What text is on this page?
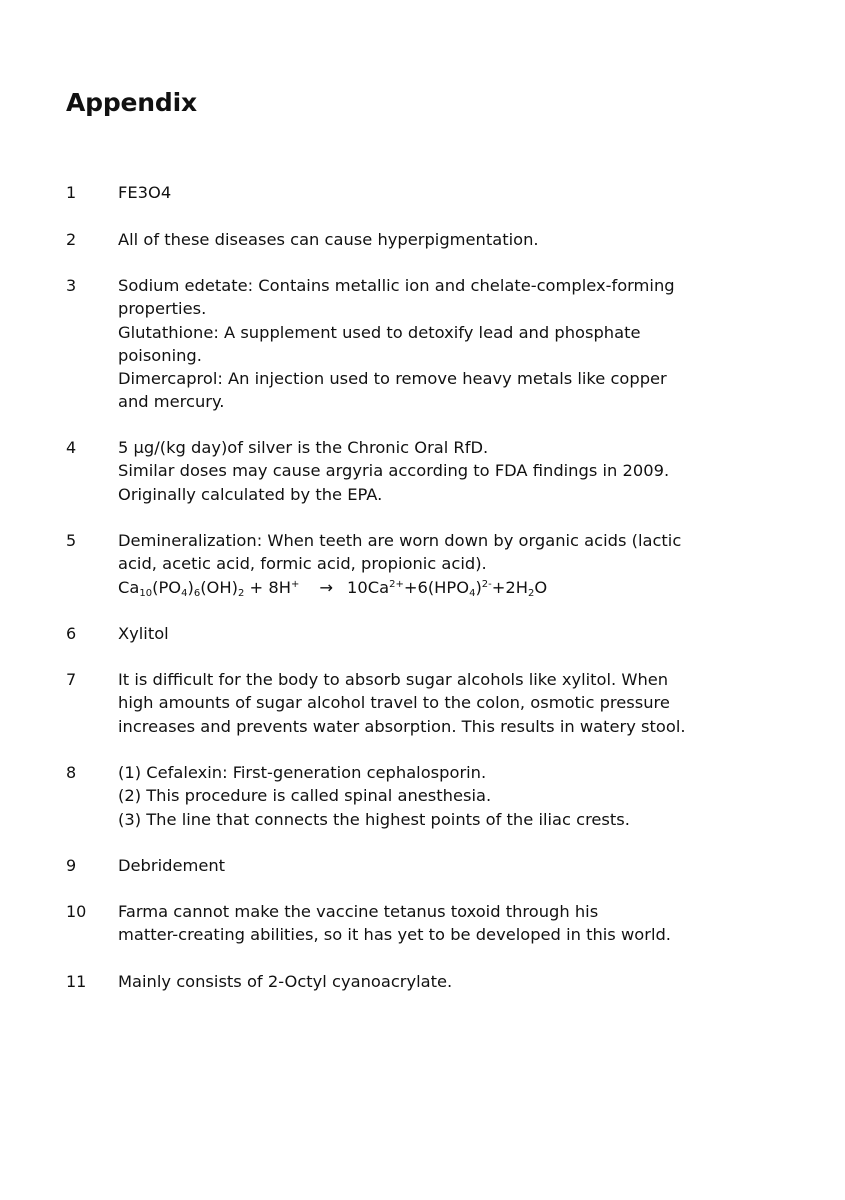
Appendix
1	FE3O4
2	All of these diseases can cause hyperpigmentation.
3	Sodium edetate: Contains metallic ion and chelate-complex-forming
properties.
Glutathione: A supplement used to detoxify lead and phosphate
poisoning.
Dimercaprol: An injection used to remove heavy metals like copper
and mercury.
4	5 µg/(kg day)of silver is the Chronic Oral RfD.
Similar doses may cause argyria according to FDA findings in 2009.
Originally calculated by the EPA.
5	Demineralization: When teeth are worn down by organic acids (lactic
acid, acetic acid, formic acid, propionic acid).
$Ca_{10}(PO_4)_6(OH)_2 + 8H^+ \to 10Ca^{2+}+6(HPO_4)^{2-}+2H_2O$
6	Xylitol
7	It is difficult for the body to absorb sugar alcohols like xylitol. When
high amounts of sugar alcohol travel to the colon, osmotic pressure
increases and prevents water absorption. This results in watery stool.
8	(1) Cefalexin: First-generation cephalosporin.
(2) This procedure is called spinal anesthesia.
(3) The line that connects the highest points of the iliac crests.
9	Debridement
10 Farma cannot make the vaccine tetanus toxoid through his
matter-creating abilities, so it has yet to be developed in this world.
11 Mainly consists of 2-Octyl cyanoacrylate.
